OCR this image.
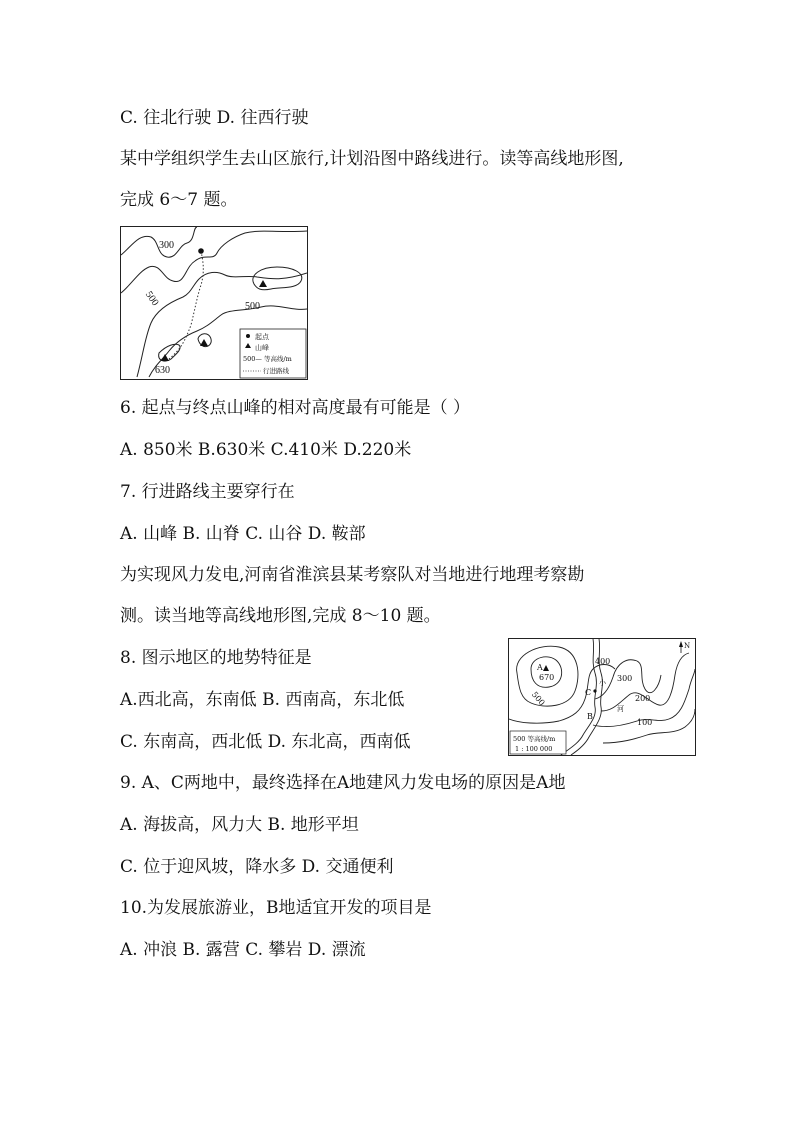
C. 往北行驶 D. 往西行驶
某中学组织学生去山区旅行,计划沿图中路线进行。读等高线地形图,
完成 6～7 题。
300
500	500
630
起点
山峰
500— 等高线/m
行进路线
6. 起点与终点山峰的相对高度最有可能是（ ）
A. 850米 B.630米 C.410米 D.220米
7. 行进路线主要穿行在
A. 山峰 B. 山脊 C. 山谷 D. 鞍部
为实现风力发电,河南省淮滨县某考察队对当地进行地理考察勘
测。读当地等高线地形图,完成 8～10 题。
A
670
500
400
300
200
100
C
B
小
河
N
500 等高线/m
1 : 100 000
8. 图示地区的地势特征是
A.西北高，东南低 B. 西南高，东北低
C. 东南高，西北低 D. 东北高，西南低
9. A、C两地中，最终选择在A地建风力发电场的原因是A地
A. 海拔高，风力大 B. 地形平坦
C. 位于迎风坡，降水多 D. 交通便利
10.为发展旅游业，B地适宜开发的项目是
A. 冲浪 B. 露营 C. 攀岩 D. 漂流
